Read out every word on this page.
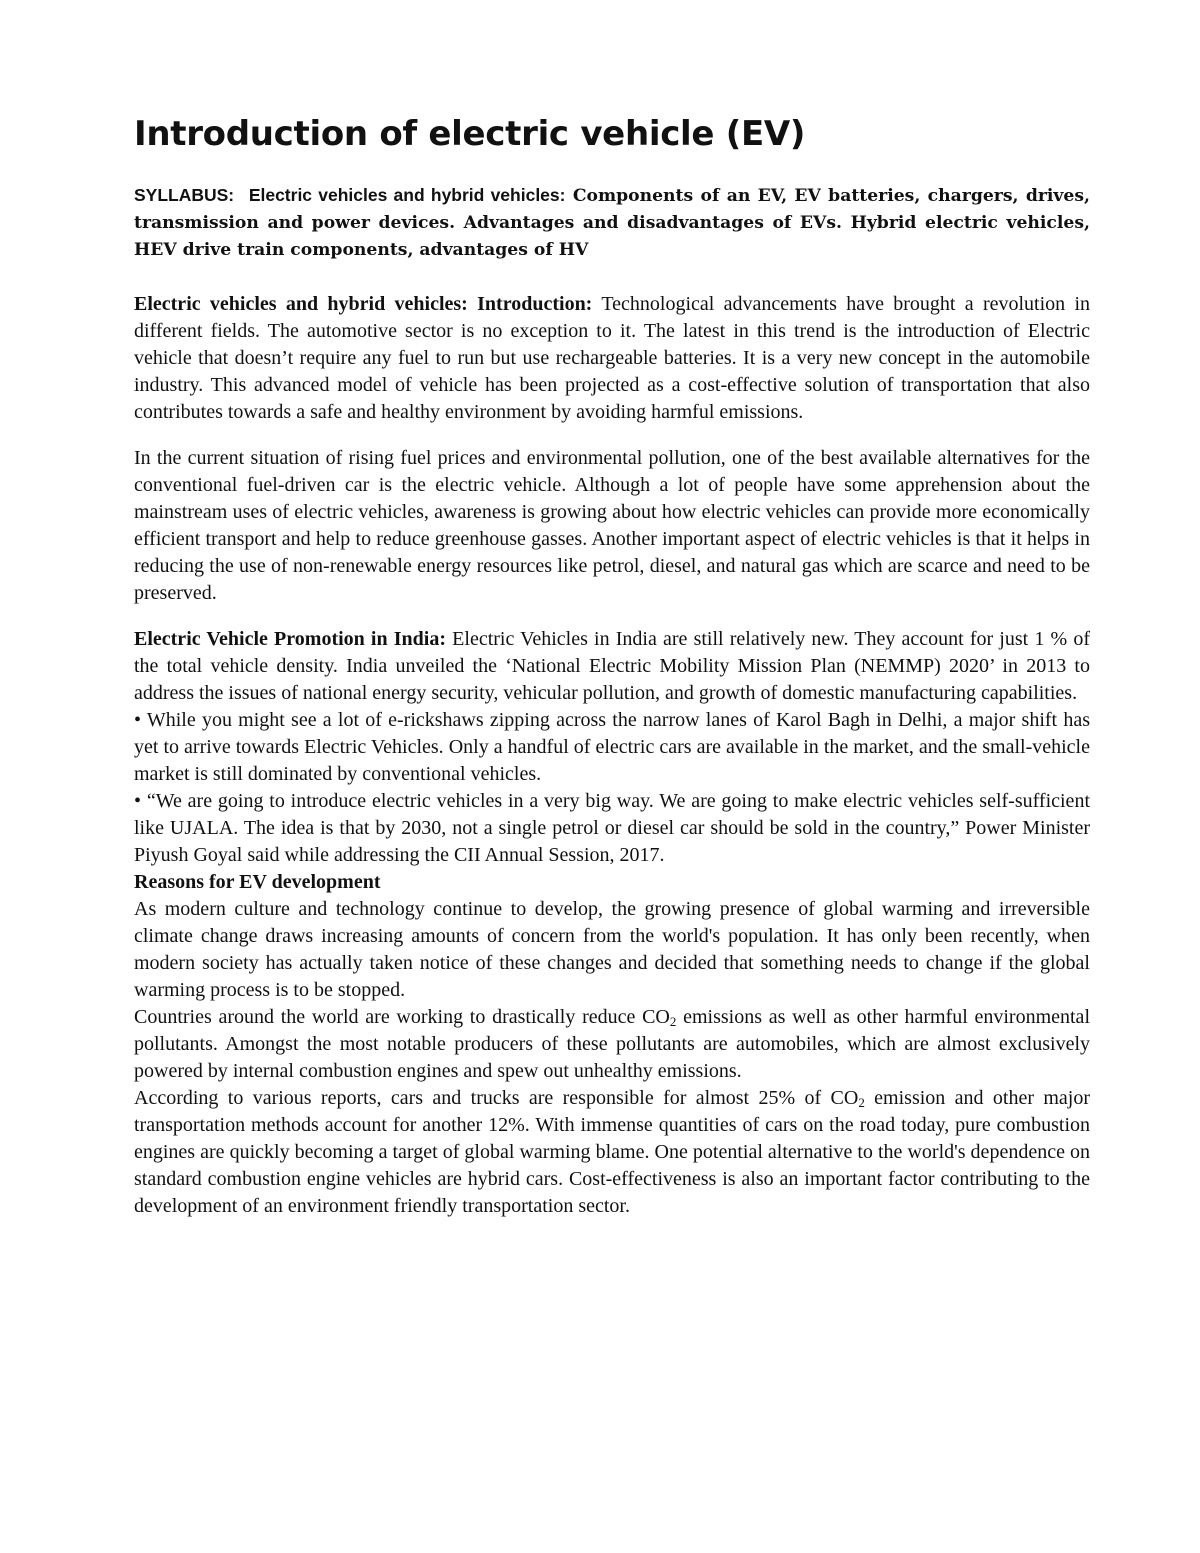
Introduction of electric vehicle (EV)
SYLLABUS: Electric vehicles and hybrid vehicles: Components of an EV, EV batteries, chargers, drives, transmission and power devices. Advantages and disadvantages of EVs. Hybrid electric vehicles, HEV drive train components, advantages of HV

Electric vehicles and hybrid vehicles: Introduction: Technological advancements have brought a revolution in different fields. The automotive sector is no exception to it. The latest in this trend is the introduction of Electric vehicle that doesn’t require any fuel to run but use rechargeable batteries. It is a very new concept in the automobile industry. This advanced model of vehicle has been projected as a cost-effective solution of transportation that also contributes towards a safe and healthy environment by avoiding harmful emissions.

In the current situation of rising fuel prices and environmental pollution, one of the best available alternatives for the conventional fuel-driven car is the electric vehicle. Although a lot of people have some apprehension about the mainstream uses of electric vehicles, awareness is growing about how electric vehicles can provide more economically efficient transport and help to reduce greenhouse gasses. Another important aspect of electric vehicles is that it helps in reducing the use of non-renewable energy resources like petrol, diesel, and natural gas which are scarce and need to be preserved.

Electric Vehicle Promotion in India: Electric Vehicles in India are still relatively new. They account for just 1 % of the total vehicle density. India unveiled the ‘National Electric Mobility Mission Plan (NEMMP) 2020’ in 2013 to address the issues of national energy security, vehicular pollution, and growth of domestic manufacturing capabilities.

• While you might see a lot of e-rickshaws zipping across the narrow lanes of Karol Bagh in Delhi, a major shift has yet to arrive towards Electric Vehicles. Only a handful of electric cars are available in the market, and the small-vehicle market is still dominated by conventional vehicles.

• “We are going to introduce electric vehicles in a very big way. We are going to make electric vehicles self-sufficient like UJALA. The idea is that by 2030, not a single petrol or diesel car should be sold in the country,” Power Minister Piyush Goyal said while addressing the CII Annual Session, 2017.

Reasons for EV development

As modern culture and technology continue to develop, the growing presence of global warming and irreversible climate change draws increasing amounts of concern from the world's population. It has only been recently, when modern society has actually taken notice of these changes and decided that something needs to change if the global warming process is to be stopped.

Countries around the world are working to drastically reduce $CO_2$ emissions as well as other harmful environmental pollutants. Amongst the most notable producers of these pollutants are automobiles, which are almost exclusively powered by internal combustion engines and spew out unhealthy emissions.

According to various reports, cars and trucks are responsible for almost 25% of $CO_2$ emission and other major transportation methods account for another 12%. With immense quantities of cars on the road today, pure combustion engines are quickly becoming a target of global warming blame. One potential alternative to the world's dependence on standard combustion engine vehicles are hybrid cars. Cost-effectiveness is also an important factor contributing to the development of an environment friendly transportation sector.
